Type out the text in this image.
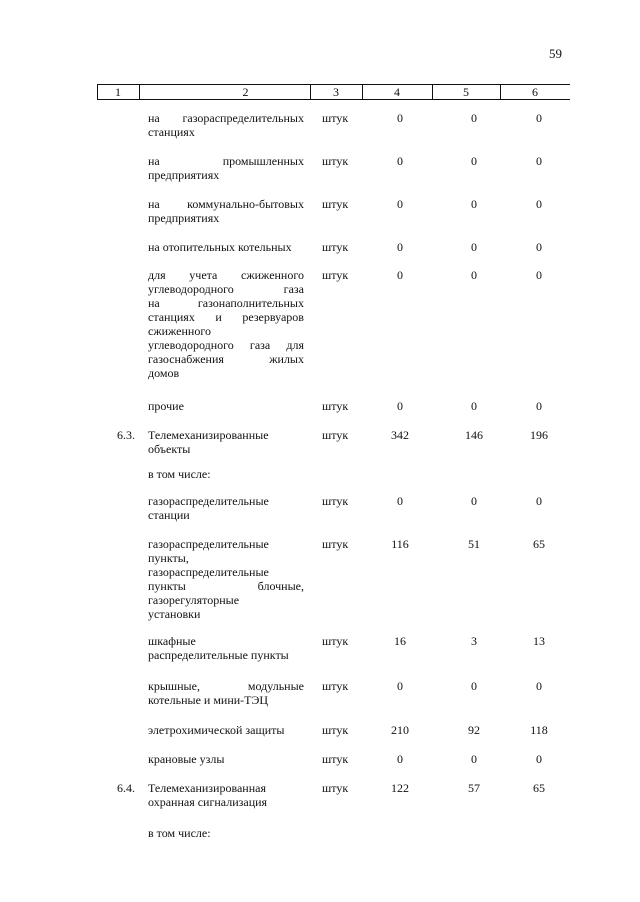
59
1	2	3	4	5	6
на газораспределительных
станциях
штук	0	0	0
на	промышленных
предприятиях
штук	0	0	0
на коммунально-бытовых
предприятиях
штук	0	0	0
на отопительных котельных	штук	0	0	0
для учета сжиженного
углеводородного	газа
на	газонаполнительных
станциях и резервуаров
сжиженного
углеводородного газа для
газоснабжения	жилых
домов
штук	0	0	0
прочие	штук	0	0	0
6.3. Телемеханизированные
объекты
штук	342	146	196
в том числе:
газораспределительные
станции
штук	0	0	0
газораспределительные
пункты,
газораспределительные
пункты	блочные,
газорегуляторные
установки
штук	116	51	65
шкафные
распределительные пункты
штук	16	3	13
крышные,	модульные
котельные и мини-ТЭЦ
штук	0	0	0
элетрохимической защиты	штук	210	92	118
крановые узлы	штук	0	0	0
6.4. Телемеханизированная
охранная сигнализация
штук	122	57	65
в том числе:
